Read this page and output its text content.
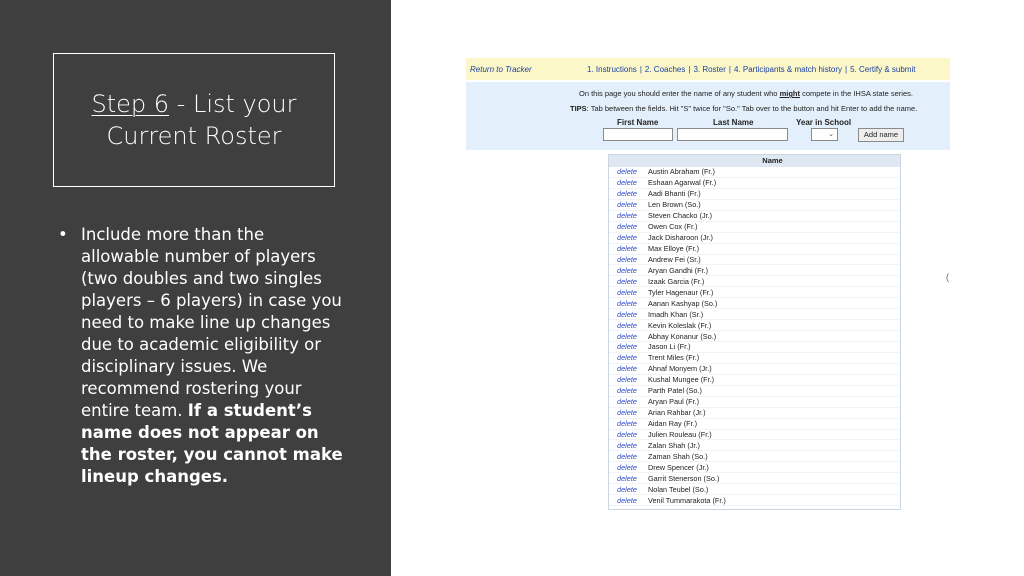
Step 6 - List your
Current Roster
• Include more than the allowable number of players (two doubles and two singles players – 6 players) in case you need to make line up changes due to academic eligibility or disciplinary issues. We recommend rostering your entire team. If a student’s name does not appear on the roster, you cannot make lineup changes.
Return to Tracker	1. Instructions | 2. Coaches | 3. Roster | 4. Participants & match history | 5. Certify & submit
On this page you should enter the name of any student who might compete in the IHSA state series.
TIPS: Tab between the fields. Hit "S" twice for "So." Tab over to the button and hit Enter to add the name.
First Name	Last Name	Year in School
⌄	Add name
Name
delete	Austin Abraham (Fr.)
delete	Eshaan Agarwal (Fr.)
delete	Aadi Bhanti (Fr.)
delete	Len Brown (So.)
delete	Steven Chacko (Jr.)
delete	Owen Cox (Fr.)
delete	Jack Disharoon (Jr.)
delete	Max Elloye (Fr.)
delete	Andrew Fei (Sr.)
delete	Aryan Gandhi (Fr.)
delete	Izaak Garcia (Fr.)
delete	Tyler Hagenaur (Fr.)
delete	Aanan Kashyap (So.)
delete	Imadh Khan (Sr.)
delete	Kevin Koleslak (Fr.)
delete	Abhay Konanur (So.)
delete	Jason Li (Fr.)
delete	Trent Miles (Fr.)
delete	Ahnaf Monyem (Jr.)
delete	Kushal Mungee (Fr.)
delete	Parth Patel (So.)
delete	Aryan Paul (Fr.)
delete	Arian Rahbar (Jr.)
delete	Aidan Ray (Fr.)
delete	Julien Rouleau (Fr.)
delete	Zalan Shah (Jr.)
delete	Zaman Shah (So.)
delete	Drew Spencer (Jr.)
delete	Garrit Stenerson (So.)
delete	Nolan Teubel (So.)
delete	Venil Tummarakota (Fr.)
(
